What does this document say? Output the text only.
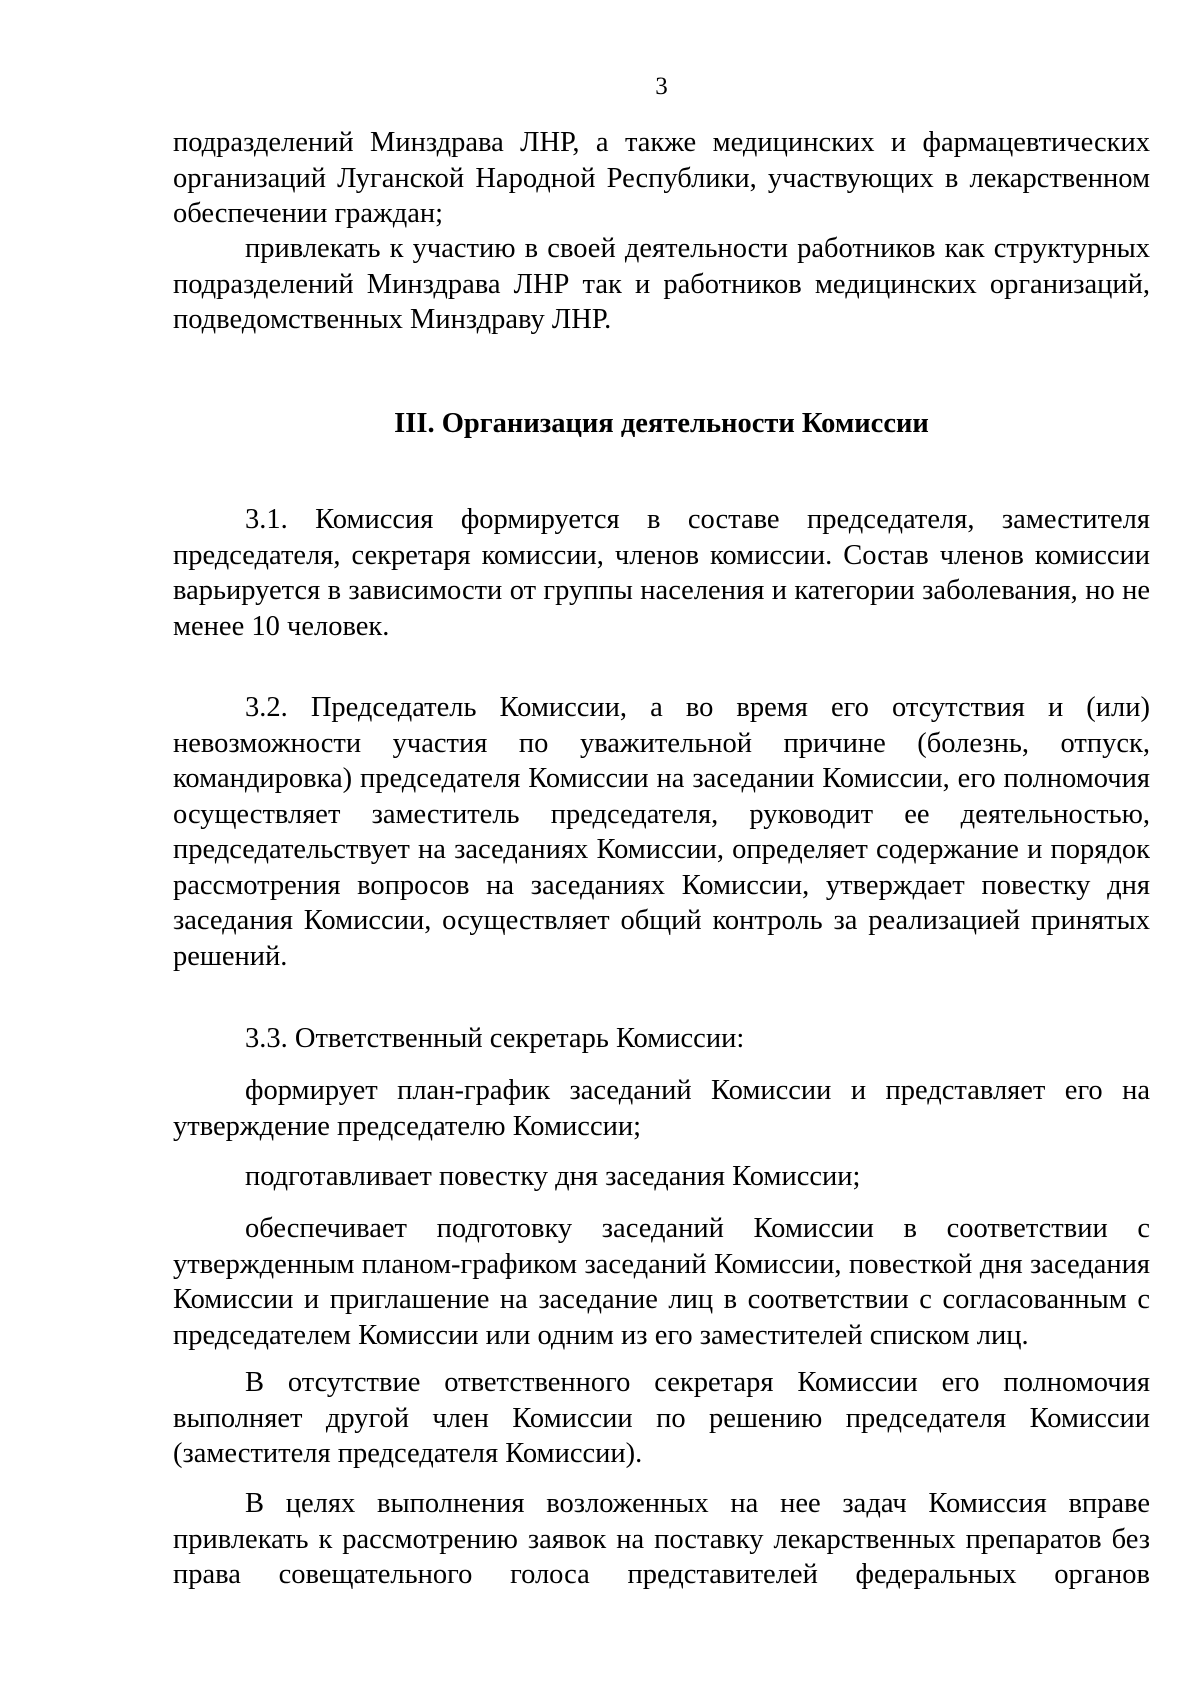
3

подразделений Минздрава ЛНР, а также медицинских и фармацевтических организаций Луганской Народной Республики, участвующих в лекарственном обеспечении граждан;

привлекать к участию в своей деятельности работников как структурных подразделений Минздрава ЛНР так и работников медицинских организаций, подведомственных Минздраву ЛНР.

III. Организация деятельности Комиссии

3.1. Комиссия формируется в составе председателя, заместителя председателя, секретаря комиссии, членов комиссии. Состав членов комиссии варьируется в зависимости от группы населения и категории заболевания, но не менее 10 человек.

3.2. Председатель Комиссии, а во время его отсутствия и (или) невозможности участия по уважительной причине (болезнь, отпуск, командировка) председателя Комиссии на заседании Комиссии, его полномочия осуществляет заместитель председателя, руководит ее деятельностью, председательствует на заседаниях Комиссии, определяет содержание и порядок рассмотрения вопросов на заседаниях Комиссии, утверждает повестку дня заседания Комиссии, осуществляет общий контроль за реализацией принятых решений.

3.3. Ответственный секретарь Комиссии:

формирует план-график заседаний Комиссии и представляет его на утверждение председателю Комиссии;

подготавливает повестку дня заседания Комиссии;

обеспечивает подготовку заседаний Комиссии в соответствии с утвержденным планом-графиком заседаний Комиссии, повесткой дня заседания Комиссии и приглашение на заседание лиц в соответствии с согласованным с председателем Комиссии или одним из его заместителей списком лиц.

В отсутствие ответственного секретаря Комиссии его полномочия выполняет другой член Комиссии по решению председателя Комиссии (заместителя председателя Комиссии).

В целях выполнения возложенных на нее задач Комиссия вправе привлекать к рассмотрению заявок на поставку лекарственных препаратов без права совещательного голоса представителей федеральных органов
